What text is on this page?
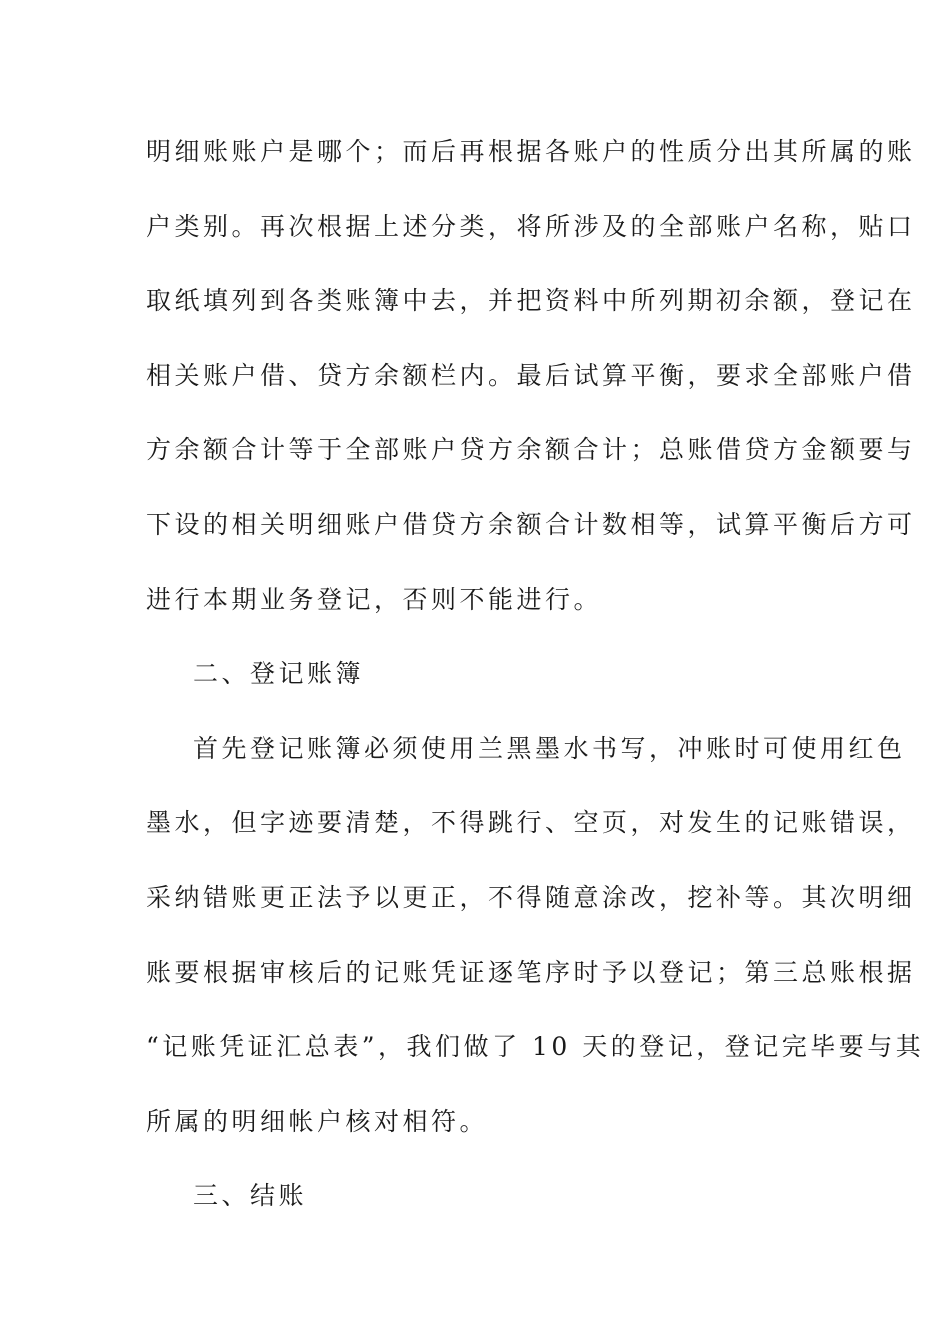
明细账账户是哪个；而后再根据各账户的性质分出其所属的账
户类别。再次根据上述分类，将所涉及的全部账户名称，贴口
取纸填列到各类账簿中去，并把资料中所列期初余额，登记在
相关账户借、贷方余额栏内。最后试算平衡，要求全部账户借
方余额合计等于全部账户贷方余额合计；总账借贷方金额要与
下设的相关明细账户借贷方余额合计数相等，试算平衡后方可
进行本期业务登记，否则不能进行。
二、登记账簿
首先登记账簿必须使用兰黑墨水书写，冲账时可使用红色
墨水，但字迹要清楚，不得跳行、空页，对发生的记账错误，
采纳错账更正法予以更正，不得随意涂改，挖补等。其次明细
账要根据审核后的记账凭证逐笔序时予以登记；第三总账根据
“记账凭证汇总表”，我们做了 10 天的登记，登记完毕要与其
所属的明细帐户核对相符。
三、结账
